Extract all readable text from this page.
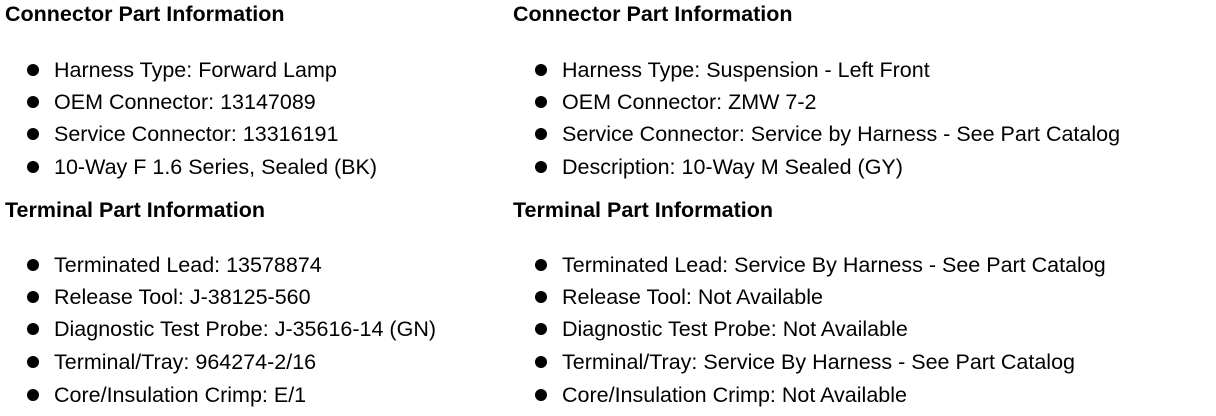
Connector Part Information
Harness Type: Forward Lamp
OEM Connector: 13147089
Service Connector: 13316191
10-Way F 1.6 Series, Sealed (BK)
Terminal Part Information
Terminated Lead: 13578874
Release Tool: J-38125-560
Diagnostic Test Probe: J-35616-14 (GN)
Terminal/Tray: 964274-2/16
Core/Insulation Crimp: E/1
Connector Part Information
Harness Type: Suspension - Left Front
OEM Connector: ZMW 7-2
Service Connector: Service by Harness - See Part Catalog
Description: 10-Way M Sealed (GY)
Terminal Part Information
Terminated Lead: Service By Harness - See Part Catalog
Release Tool: Not Available
Diagnostic Test Probe: Not Available
Terminal/Tray: Service By Harness - See Part Catalog
Core/Insulation Crimp: Not Available
